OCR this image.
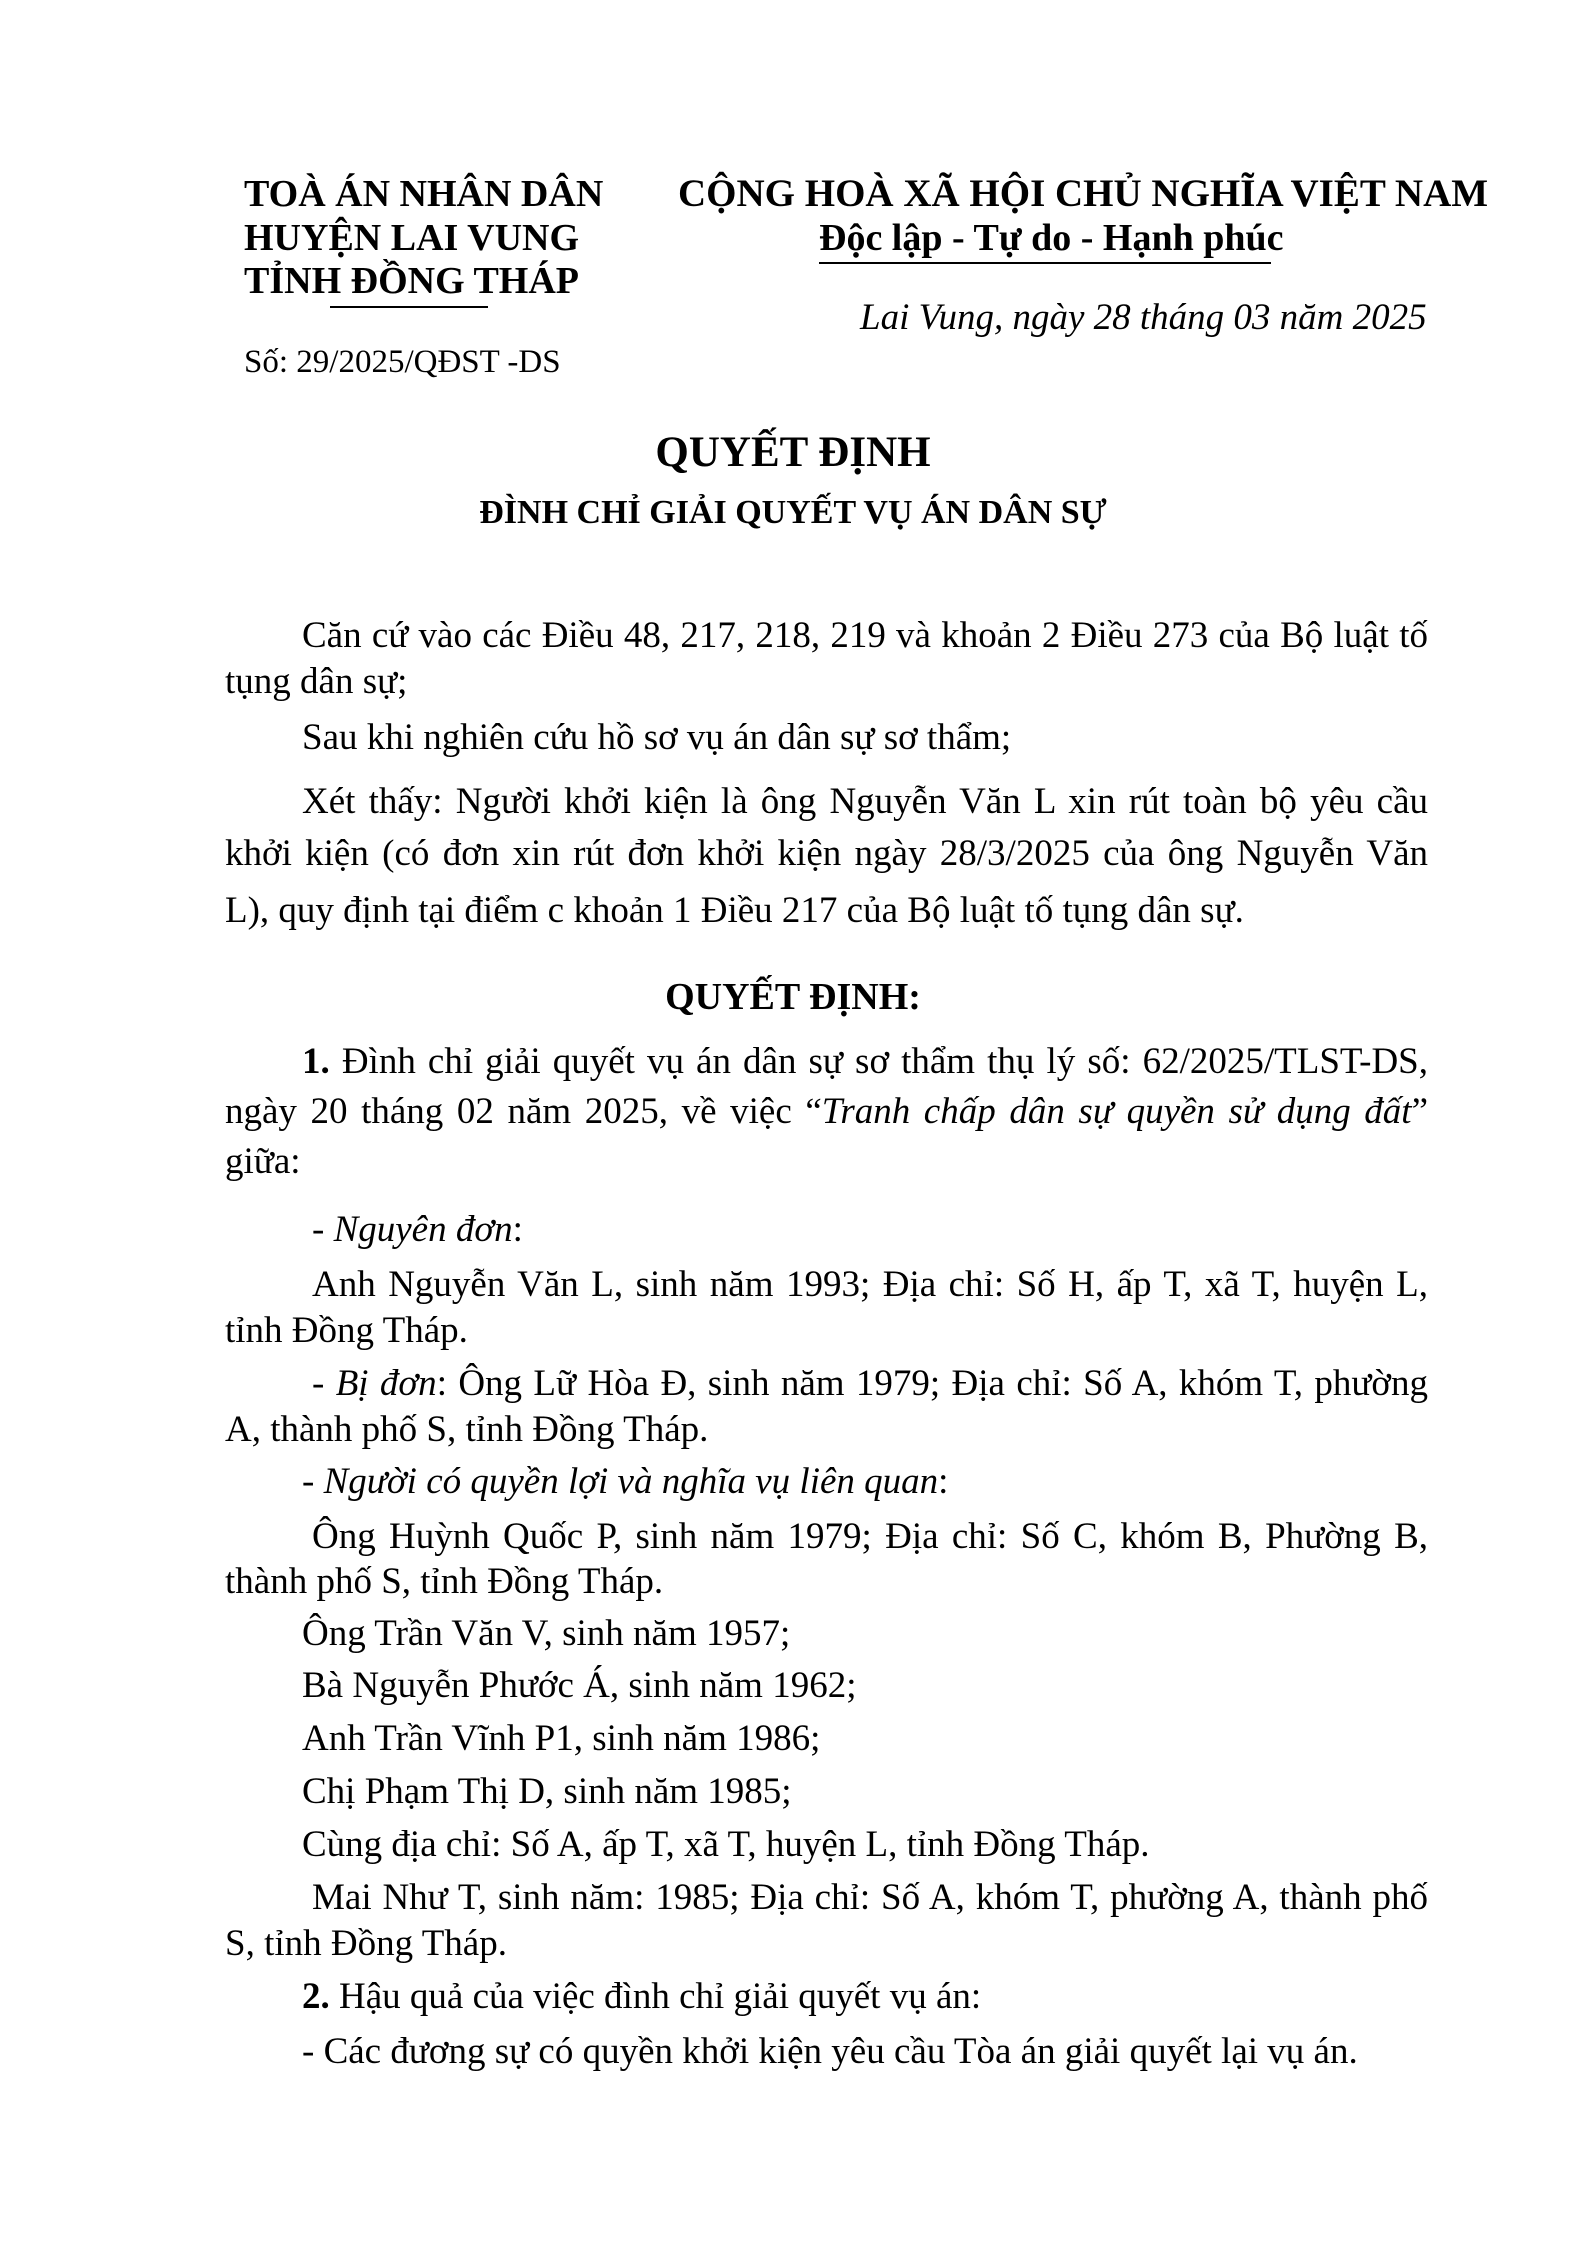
TOÀ ÁN NHÂN DÂN
HUYỆN LAI VUNG
TỈNH ĐỒNG THÁP
CỘNG HOÀ XÃ HỘI CHỦ NGHĨA VIỆT NAM
Độc lập - Tự do - Hạnh phúc
Số: 29/2025/QĐST -DS
Lai Vung, ngày 28 tháng 03 năm 2025
QUYẾT ĐỊNH
ĐÌNH CHỈ GIẢI QUYẾT VỤ ÁN DÂN SỰ
Căn cứ vào các Điều 48, 217, 218, 219 và khoản 2 Điều 273 của Bộ luật tố
tụng dân sự;
Sau khi nghiên cứu hồ sơ vụ án dân sự sơ thẩm;
Xét thấy: Người khởi kiện là ông Nguyễn Văn L xin rút toàn bộ yêu cầu
khởi kiện (có đơn xin rút đơn khởi kiện ngày 28/3/2025 của ông Nguyễn Văn
L), quy định tại điểm c khoản 1 Điều 217 của Bộ luật tố tụng dân sự.
QUYẾT ĐỊNH:
1. Đình chỉ giải quyết vụ án dân sự sơ thẩm thụ lý số: 62/2025/TLST-DS,
ngày 20 tháng 02 năm 2025, về việc “Tranh chấp dân sự quyền sử dụng đất”
giữa:
- Nguyên đơn:
Anh Nguyễn Văn L, sinh năm 1993; Địa chỉ: Số H, ấp T, xã T, huyện L,
tỉnh Đồng Tháp.
- Bị đơn: Ông Lữ Hòa Đ, sinh năm 1979; Địa chỉ: Số A, khóm T, phường
A, thành phố S, tỉnh Đồng Tháp.
- Người có quyền lợi và nghĩa vụ liên quan:
Ông Huỳnh Quốc P, sinh năm 1979; Địa chỉ: Số C, khóm B, Phường B,
thành phố S, tỉnh Đồng Tháp.
Ông Trần Văn V, sinh năm 1957;
Bà Nguyễn Phước Á, sinh năm 1962;
Anh Trần Vĩnh P1, sinh năm 1986;
Chị Phạm Thị D, sinh năm 1985;
Cùng địa chỉ: Số A, ấp T, xã T, huyện L, tỉnh Đồng Tháp.
Mai Như T, sinh năm: 1985; Địa chỉ: Số A, khóm T, phường A, thành phố
S, tỉnh Đồng Tháp.
2. Hậu quả của việc đình chỉ giải quyết vụ án:
- Các đương sự có quyền khởi kiện yêu cầu Tòa án giải quyết lại vụ án.
